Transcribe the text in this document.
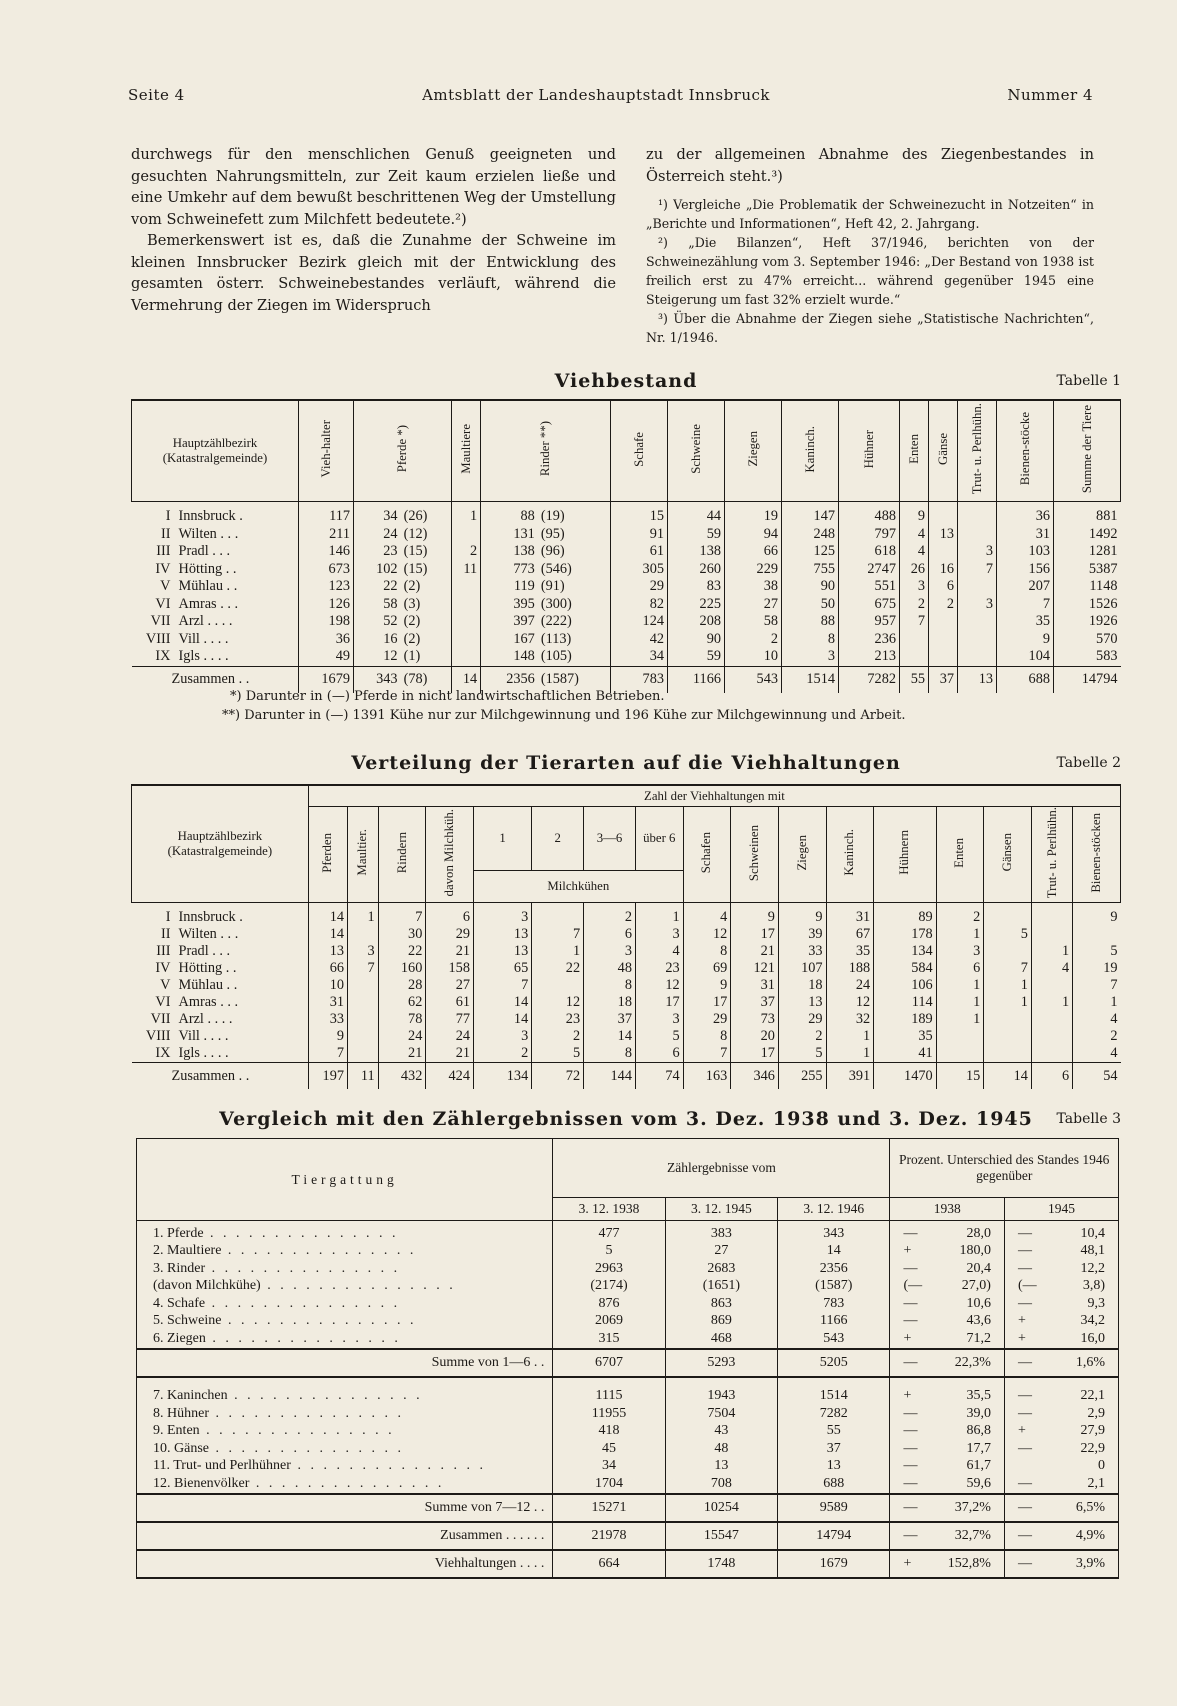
Seite 4	Amtsblatt der Landeshauptstadt Innsbruck	Nummer 4

durchwegs für den menschlichen Genuß geeigneten und gesuchten Nahrungsmitteln, zur Zeit kaum erzielen ließe und eine Umkehr auf dem bewußt beschrittenen Weg der Umstellung vom Schweinefett zum Milchfett bedeutete.²)

Bemerkenswert ist es, daß die Zunahme der Schweine im kleinen Innsbrucker Bezirk gleich mit der Entwicklung des gesamten österr. Schweinebestandes verläuft, während die Vermehrung der Ziegen im Widerspruch

zu der allgemeinen Abnahme des Ziegenbestandes in Österreich steht.³)

¹) Vergleiche „Die Problematik der Schweinezucht in Notzeiten“ in „Berichte und Informationen“, Heft 42, 2. Jahrgang.

²) „Die Bilanzen“, Heft 37/1946, berichten von der Schweinezählung vom 3. September 1946: „Der Bestand von 1938 ist freilich erst zu 47% erreicht... während gegenüber 1945 eine Steigerung um fast 32% erzielt wurde.“

³) Über die Abnahme der Ziegen siehe „Statistische Nachrichten“, Nr. 1/1946.

Viehbestand	Tabelle 1
Hauptzählbezirk
(Katastralgemeinde)	Vieh-halter	Pferde *)		Maultiere	Rinder **)		Schafe	Schweine	Ziegen	Kaninch.	Hühner	Enten	Gänse	Trut- u. Perlhühn.	Bienen-stöcke	Summe der Tiere
I Innsbruck .	117	34	(26)	1	88	(19)	15	44	19	147	488	9			36	881
II Wilten . . .	211	24	(12)		131	(95)	91	59	94	248	797	4	13		31	1492
III Pradl . . .	146	23	(15)	2	138	(96)	61	138	66	125	618	4		3	103	1281
IV Hötting . .	673	102	(15)	11	773	(546)	305	260	229	755	2747	26	16	7	156	5387
V Mühlau . .	123	22	(2)		119	(91)	29	83	38	90	551	3	6		207	1148
VI Amras . . .	126	58	(3)		395	(300)	82	225	27	50	675	2	2	3	7	1526
VII Arzl . . . .	198	52	(2)		397	(222)	124	208	58	88	957	7			35	1926
VIII Vill . . . .	36	16	(2)		167	(113)	42	90	2	8	236				9	570
IX Igls . . . .	49	12	(1)		148	(105)	34	59	10	3	213				104	583
Zusammen . .	1679	343	(78)	14	2356	(1587)	783	1166	543	1514	7282	55	37	13	688	14794
*) Darunter in (—) Pferde in nicht landwirtschaftlichen Betrieben.
**) Darunter in (—) 1391 Kühe nur zur Milchgewinnung und 196 Kühe zur Milchgewinnung und Arbeit.
Verteilung der Tierarten auf die Viehhaltungen	Tabelle 2
Hauptzählbezirk
(Katastralgemeinde)	Zahl der Viehhaltungen mit																
	Pferden	Maultier.	Rindern	davon Milchküh.	1	2	3—6	über 6	Schafen	Schweinen	Ziegen	Kaninch.	Hühnern	Enten	Gänsen	Trut- u. Perlhühn.	Bienen-stöcken
					Milchkühen												
I Innsbruck .	14	1	7	6	3		2	1	4	9	9	31	89	2			9
II Wilten . . .	14		30	29	13	7	6	3	12	17	39	67	178	1	5		
III Pradl . . .	13	3	22	21	13	1	3	4	8	21	33	35	134	3		1	5
IV Hötting . .	66	7	160	158	65	22	48	23	69	121	107	188	584	6	7	4	19
V Mühlau . .	10		28	27	7		8	12	9	31	18	24	106	1	1		7
VI Amras . . .	31		62	61	14	12	18	17	17	37	13	12	114	1	1	1	1
VII Arzl . . . .	33		78	77	14	23	37	3	29	73	29	32	189	1			4
VIII Vill . . . .	9		24	24	3	2	14	5	8	20	2	1	35				2
IX Igls . . . .	7		21	21	2	5	8	6	7	17	5	1	41				4
Zusammen . .	197	11	432	424	134	72	144	74	163	346	255	391	1470	15	14	6	54
Vergleich mit den Zählergebnissen vom 3. Dez. 1938 und 3. Dez. 1945	Tabelle 3
Tiergattung	Zählergebnisse vom			Prozent. Unterschied des Standes 1946 gegenüber	
	3. 12. 1938	3. 12. 1945	3. 12. 1946	1938	1945
1. Pferde . . . . . . . . . . . . . . .	477	383	343	— 28,0	— 10,4

2. Maultiere . . . . . . . . . . . . . . .	5	27	14	+ 180,0	— 48,1

3. Rinder . . . . . . . . . . . . . . .	2963	2683	2356	— 20,4	— 12,2

(davon Milchkühe) . . . . . . . . . . . . . . .	(2174)	(1651)	(1587)	(— 27,0)	(— 3,8)

4. Schafe . . . . . . . . . . . . . . .	876	863	783	— 10,6	— 9,3

5. Schweine . . . . . . . . . . . . . . .	2069	869	1166	— 43,6	+ 34,2

6. Ziegen . . . . . . . . . . . . . . .	315	468	543	+ 71,2	+ 16,0

Summe von 1—6 . .	6707	5293	5205	— 22,3%	— 1,6%

7. Kaninchen . . . . . . . . . . . . . . .	1115	1943	1514	+ 35,5	— 22,1

8. Hühner . . . . . . . . . . . . . . .	11955	7504	7282	— 39,0	— 2,9

9. Enten . . . . . . . . . . . . . . .	418	43	55	— 86,8	+ 27,9

10. Gänse . . . . . . . . . . . . . . .	45	48	37	— 17,7	— 22,9

11. Trut- und Perlhühner . . . . . . . . . . . . . . .	34	13	13	— 61,7	0

12. Bienenvölker . . . . . . . . . . . . . . .	1704	708	688	— 59,6	— 2,1

Summe von 7—12 . .	15271	10254	9589	— 37,2%	— 6,5%

Zusammen . . . . . .	21978	15547	14794	— 32,7%	— 4,9%

Viehhaltungen . . . .	664	1748	1679	+ 152,8%	— 3,9%
